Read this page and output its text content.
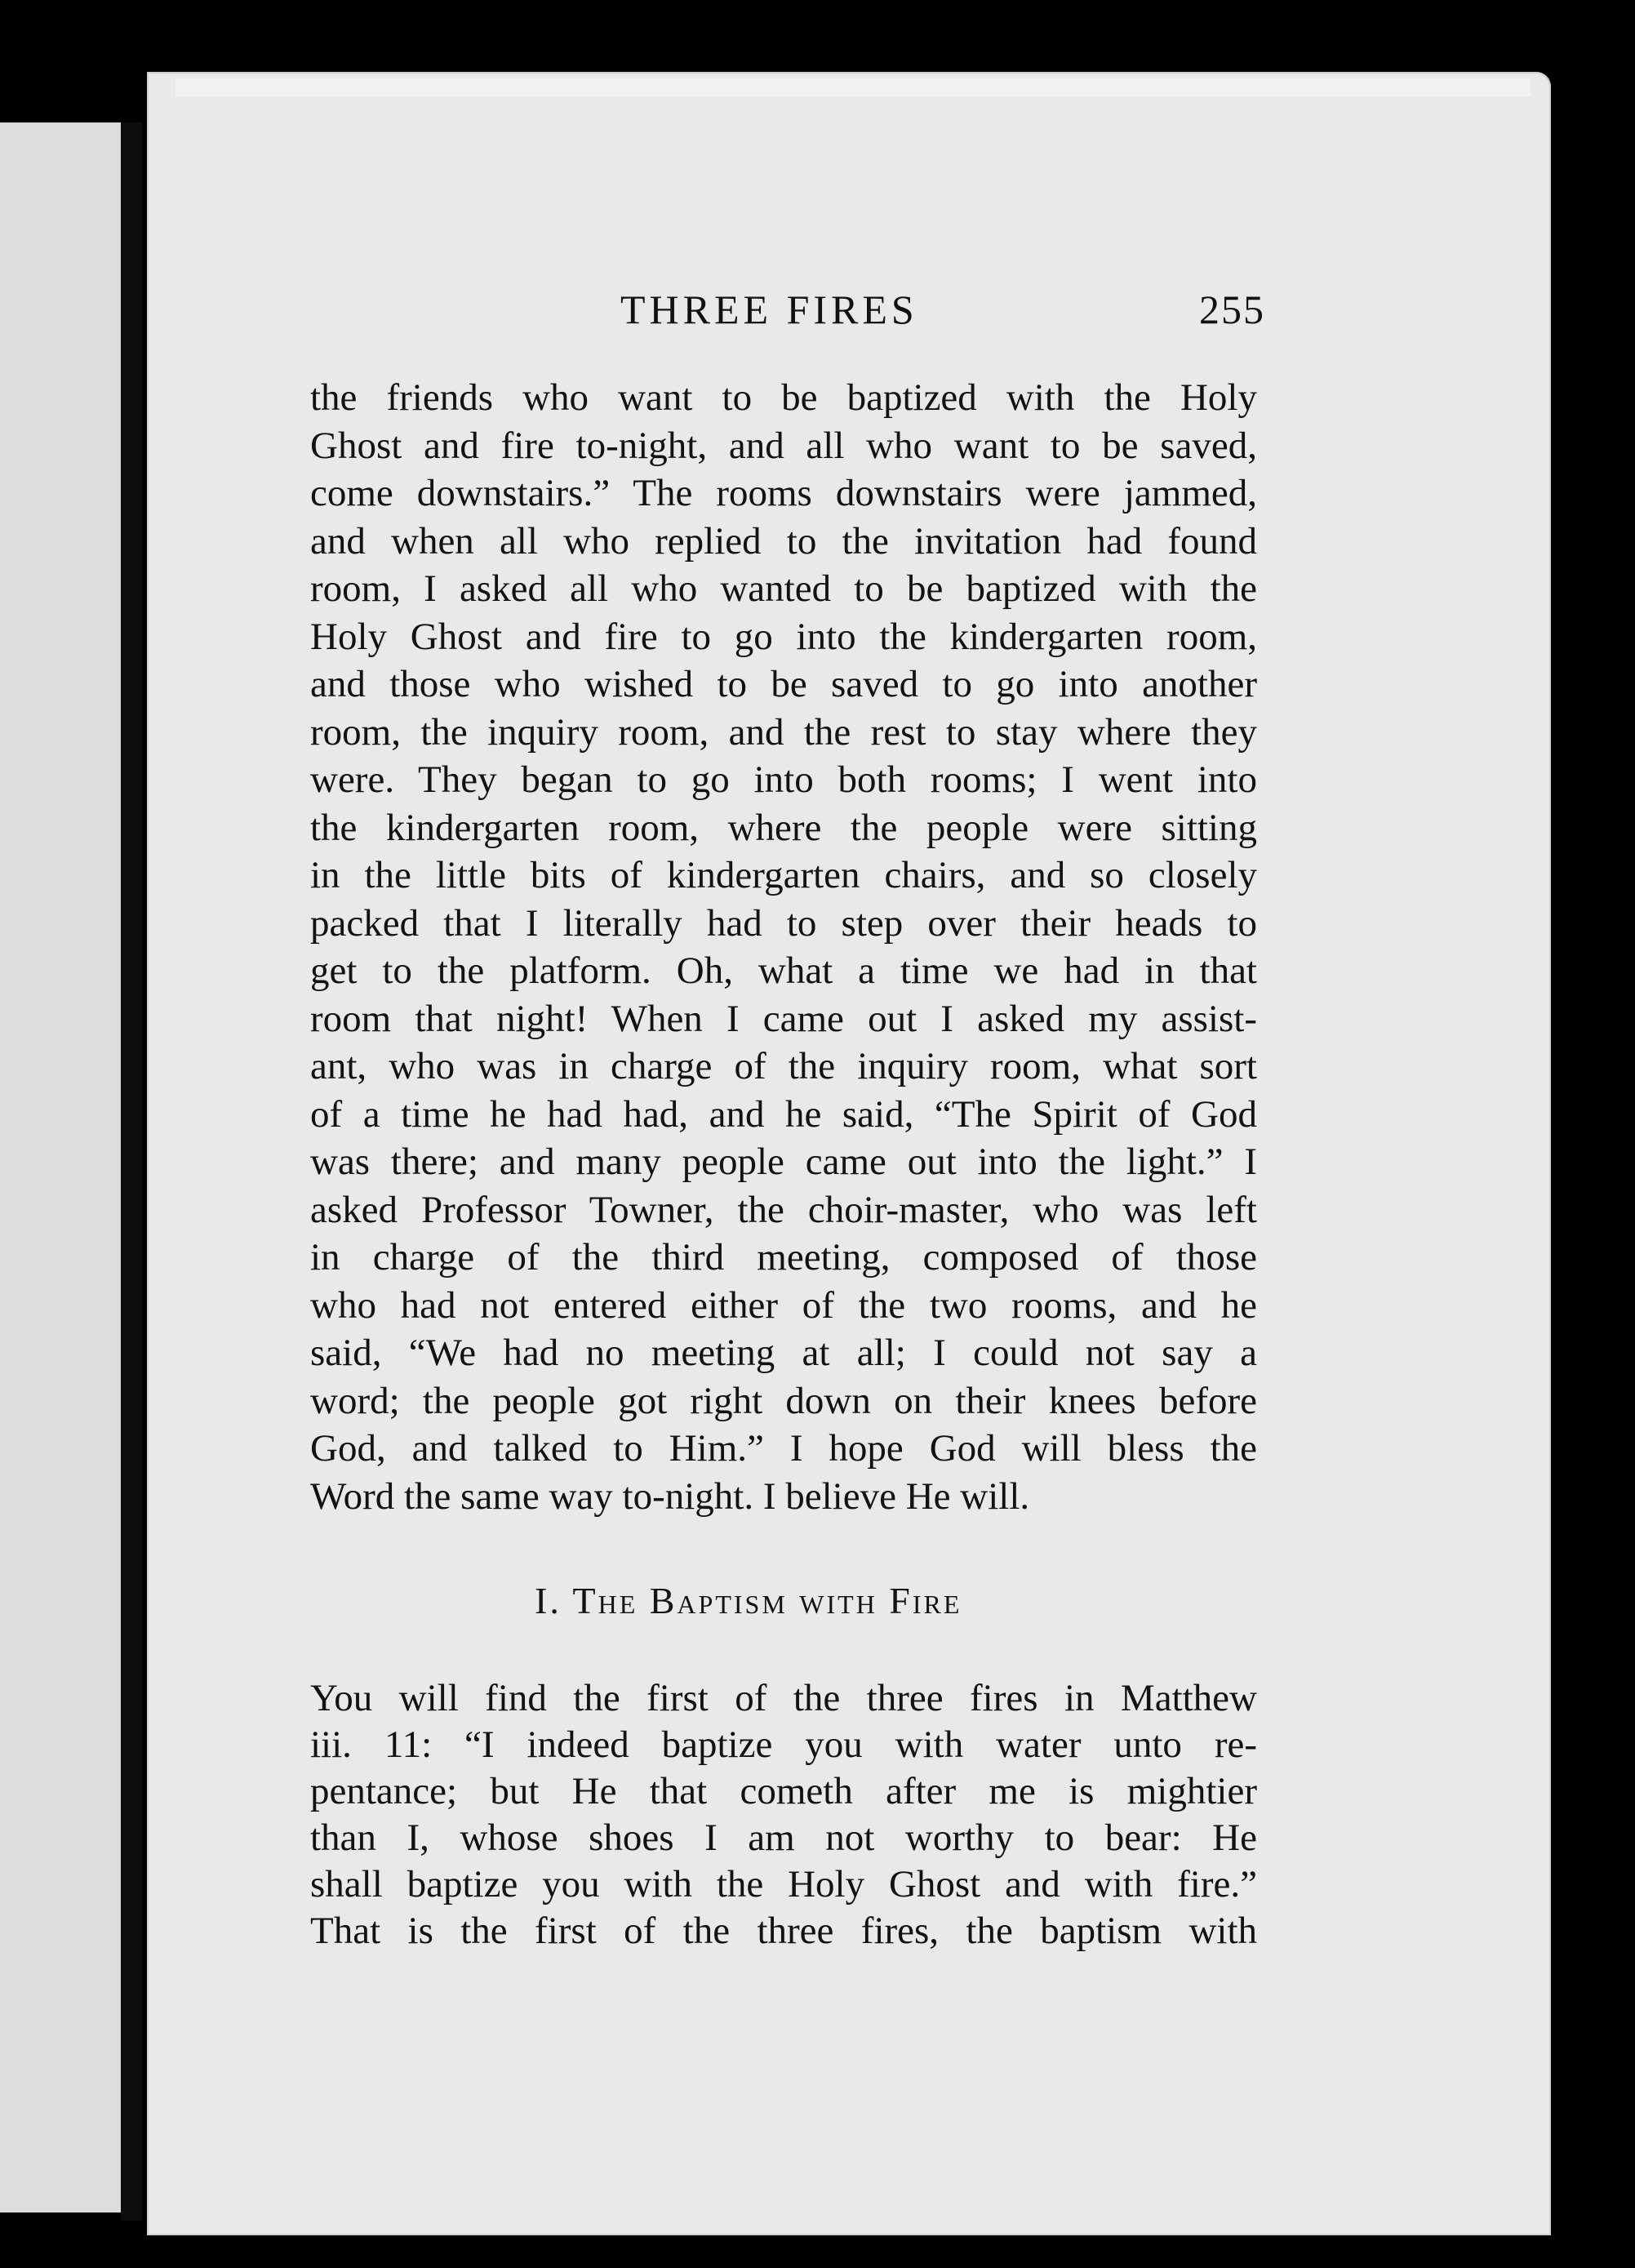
THREE FIRES	255
the friends who want to be baptized with the Holy
Ghost and fire to-night, and all who want to be saved,
come downstairs.” The rooms downstairs were jammed,
and when all who replied to the invitation had found
room, I asked all who wanted to be baptized with the
Holy Ghost and fire to go into the kindergarten room,
and those who wished to be saved to go into another
room, the inquiry room, and the rest to stay where they
were. They began to go into both rooms; I went into
the kindergarten room, where the people were sitting
in the little bits of kindergarten chairs, and so closely
packed that I literally had to step over their heads to
get to the platform. Oh, what a time we had in that
room that night! When I came out I asked my assist-
ant, who was in charge of the inquiry room, what sort
of a time he had had, and he said, “The Spirit of God
was there; and many people came out into the light.” I
asked Professor Towner, the choir-master, who was left
in charge of the third meeting, composed of those
who had not entered either of the two rooms, and he
said, “We had no meeting at all; I could not say a
word; the people got right down on their knees before
God, and talked to Him.” I hope God will bless the
Word the same way to-night. I believe He will.
I. The Baptism with Fire
You will find the first of the three fires in Matthew
iii. 11: “I indeed baptize you with water unto re-
pentance; but He that cometh after me is mightier
than I, whose shoes I am not worthy to bear: He
shall baptize you with the Holy Ghost and with fire.”
That is the first of the three fires, the baptism with
